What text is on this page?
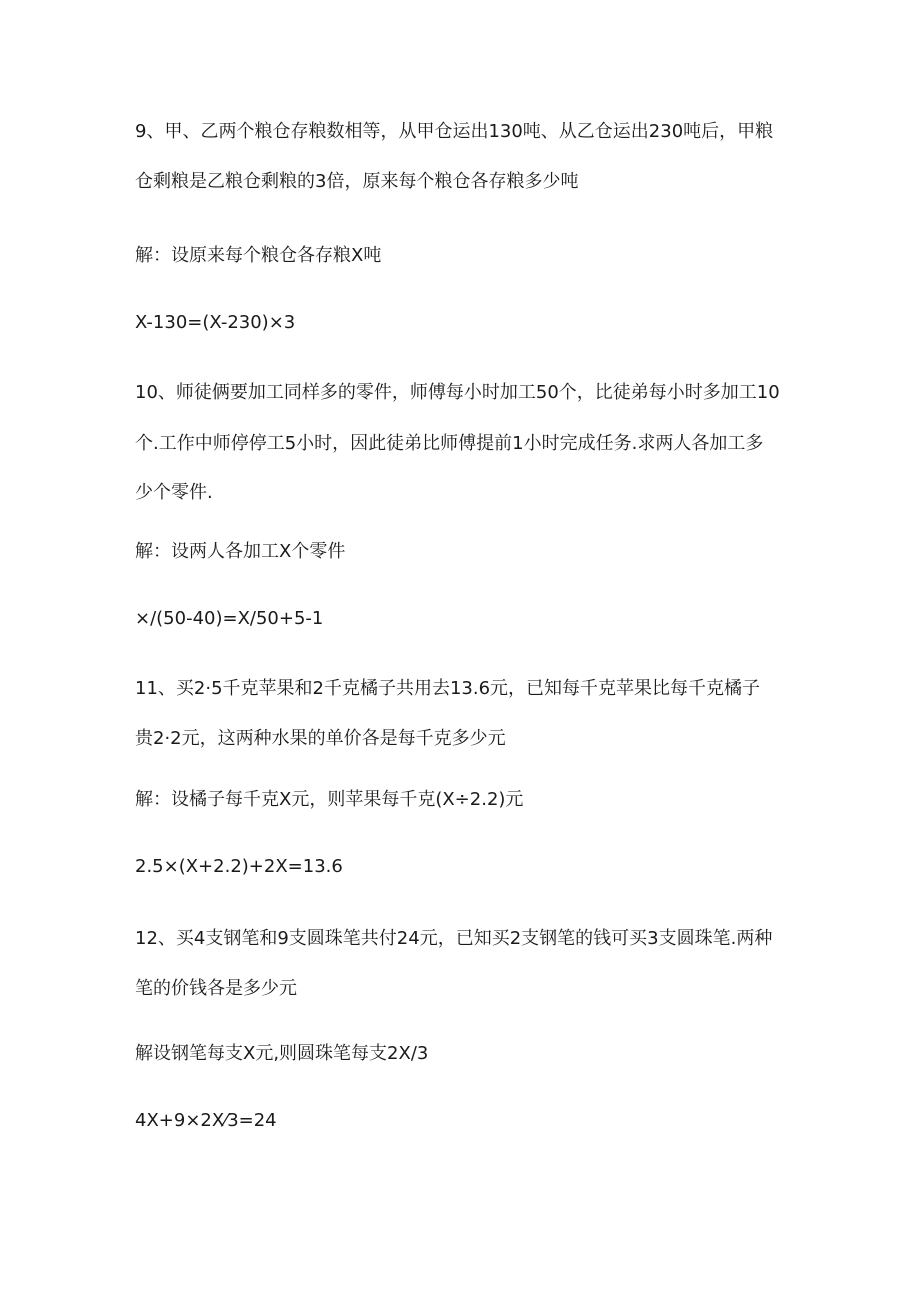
9、甲、乙两个粮仓存粮数相等，从甲仓运出130吨、从乙仓运出230吨后，甲粮
仓剩粮是乙粮仓剩粮的3倍，原来每个粮仓各存粮多少吨
解：设原来每个粮仓各存粮X吨
X-130=(X-230)×3
10、师徒俩要加工同样多的零件，师傅每小时加工50个，比徒弟每小时多加工10
个.工作中师停停工5小时，因此徒弟比师傅提前1小时完成任务.求两人各加工多
少个零件.
解：设两人各加工X个零件
×/(50-40)=X/50+5-1
11、买2·5千克苹果和2千克橘子共用去13.6元，已知每千克苹果比每千克橘子
贵2·2元，这两种水果的单价各是每千克多少元
解：设橘子每千克X元，则苹果每千克(X÷2.2)元
2.5×(X+2.2)+2X=13.6
12、买4支钢笔和9支圆珠笔共付24元，已知买2支钢笔的钱可买3支圆珠笔.两种
笔的价钱各是多少元
解设钢笔每支X元,则圆珠笔每支2X/3
4X+9×2X⁄3=24
